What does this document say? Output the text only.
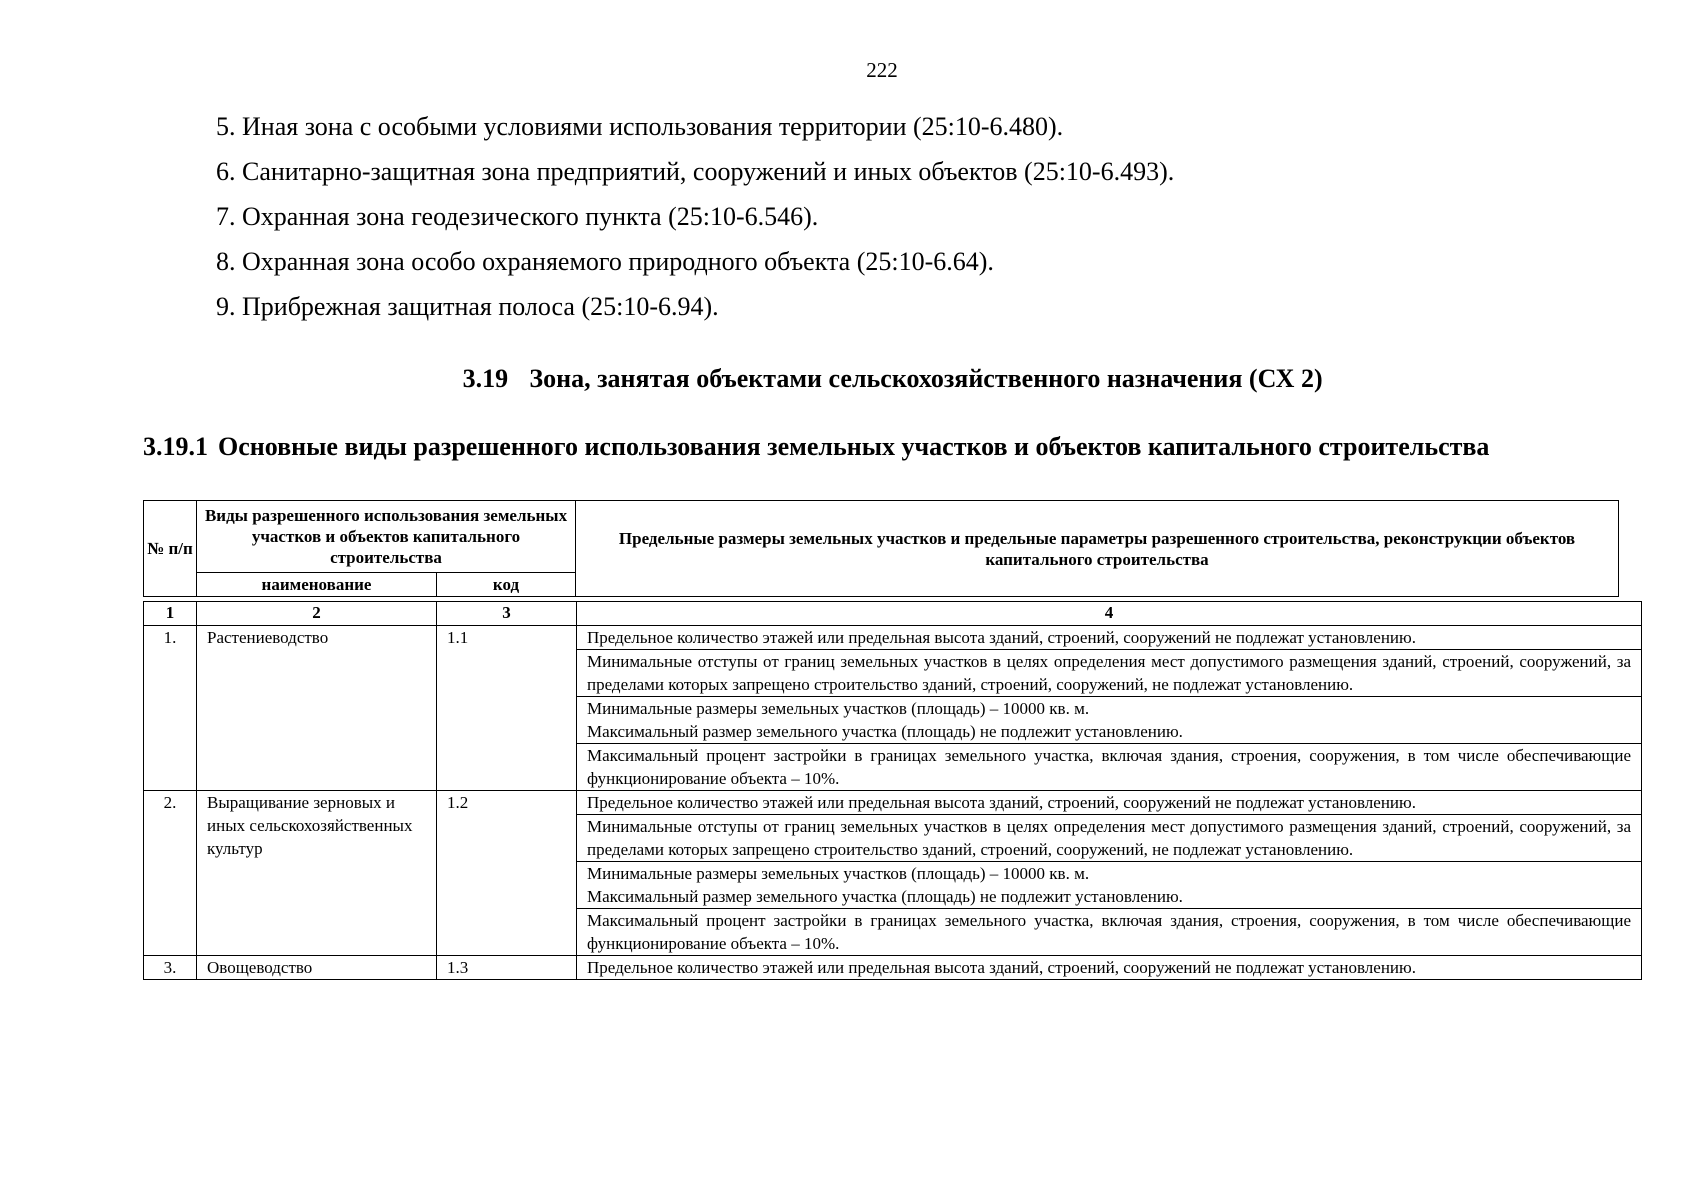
222
5. Иная зона с особыми условиями использования территории (25:10-6.480).
6. Санитарно-защитная зона предприятий, сооружений и иных объектов (25:10-6.493).
7. Охранная зона геодезического пункта (25:10-6.546).
8. Охранная зона особо охраняемого природного объекта (25:10-6.64).
9. Прибрежная защитная полоса (25:10-6.94).
3.19 Зона, занятая объектами сельскохозяйственного назначения (СХ 2)
3.19.1 Основные виды разрешенного использования земельных участков и объектов капитального строительства
№ п/п	Виды разрешенного использования земельных участков и объектов капитального строительства		Предельные размеры земельных участков и предельные параметры разрешенного строительства, реконструкции объектов капитального строительства
	наименование	код	
1	2	3	4
1.	Растениеводство	1.1	Предельное количество этажей или предельная высота зданий, строений, сооружений не подлежат установлению.
			Минимальные отступы от границ земельных участков в целях определения мест допустимого размещения зданий, строений, сооружений, за пределами которых запрещено строительство зданий, строений, сооружений, не подлежат установлению.
			Минимальные размеры земельных участков (площадь) – 10000 кв. м.
Максимальный размер земельного участка (площадь) не подлежит установлению.
			Максимальный процент застройки в границах земельного участка, включая здания, строения, сооружения, в том числе обеспечивающие функционирование объекта – 10%.
2.	Выращивание зерновых и иных сельскохозяйственных культур	1.2	Предельное количество этажей или предельная высота зданий, строений, сооружений не подлежат установлению.
			Минимальные отступы от границ земельных участков в целях определения мест допустимого размещения зданий, строений, сооружений, за пределами которых запрещено строительство зданий, строений, сооружений, не подлежат установлению.
			Минимальные размеры земельных участков (площадь) – 10000 кв. м.
Максимальный размер земельного участка (площадь) не подлежит установлению.
			Максимальный процент застройки в границах земельного участка, включая здания, строения, сооружения, в том числе обеспечивающие функционирование объекта – 10%.
3.	Овощеводство	1.3	Предельное количество этажей или предельная высота зданий, строений, сооружений не подлежат установлению.
